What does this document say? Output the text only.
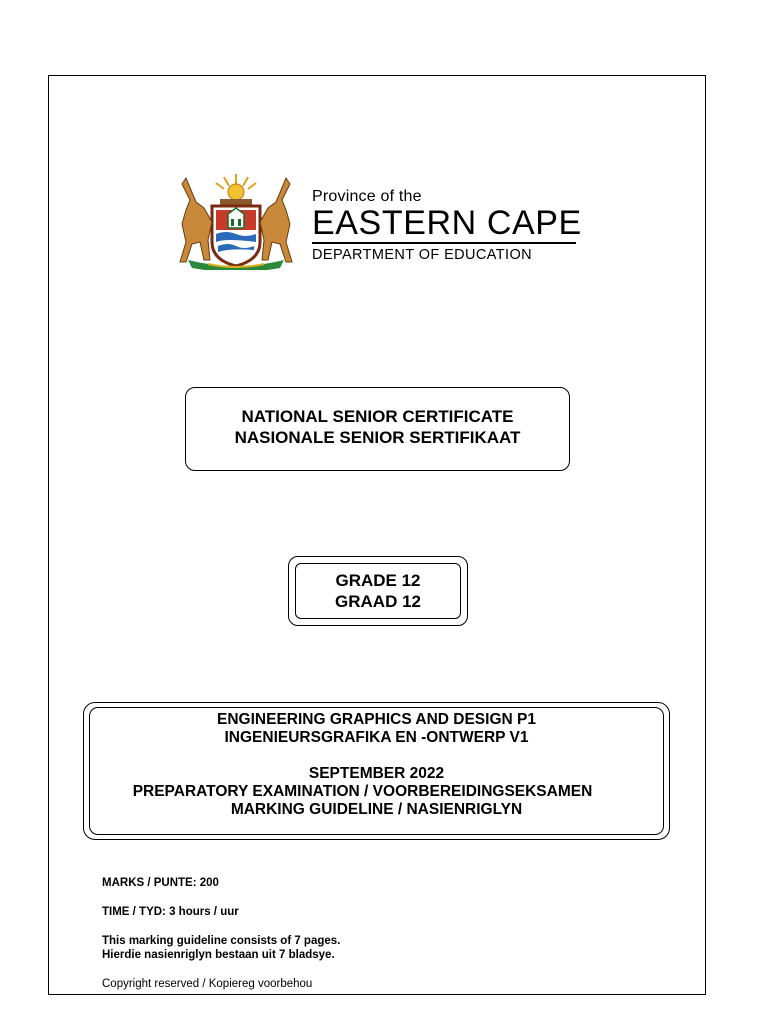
Province of the
EASTERN CAPE
DEPARTMENT OF EDUCATION
NATIONAL SENIOR CERTIFICATE
NASIONALE SENIOR SERTIFIKAAT
GRADE 12
GRAAD 12
ENGINEERING GRAPHICS AND DESIGN P1
INGENIEURSGRAFIKA EN -ONTWERP V1
SEPTEMBER 2022
PREPARATORY EXAMINATION / VOORBEREIDINGSEKSAMEN
MARKING GUIDELINE / NASIENRIGLYN
MARKS / PUNTE: 200
TIME / TYD: 3 hours / uur
This marking guideline consists of 7 pages.
Hierdie nasienriglyn bestaan uit 7 bladsye.
Copyright reserved / Kopiereg voorbehou
